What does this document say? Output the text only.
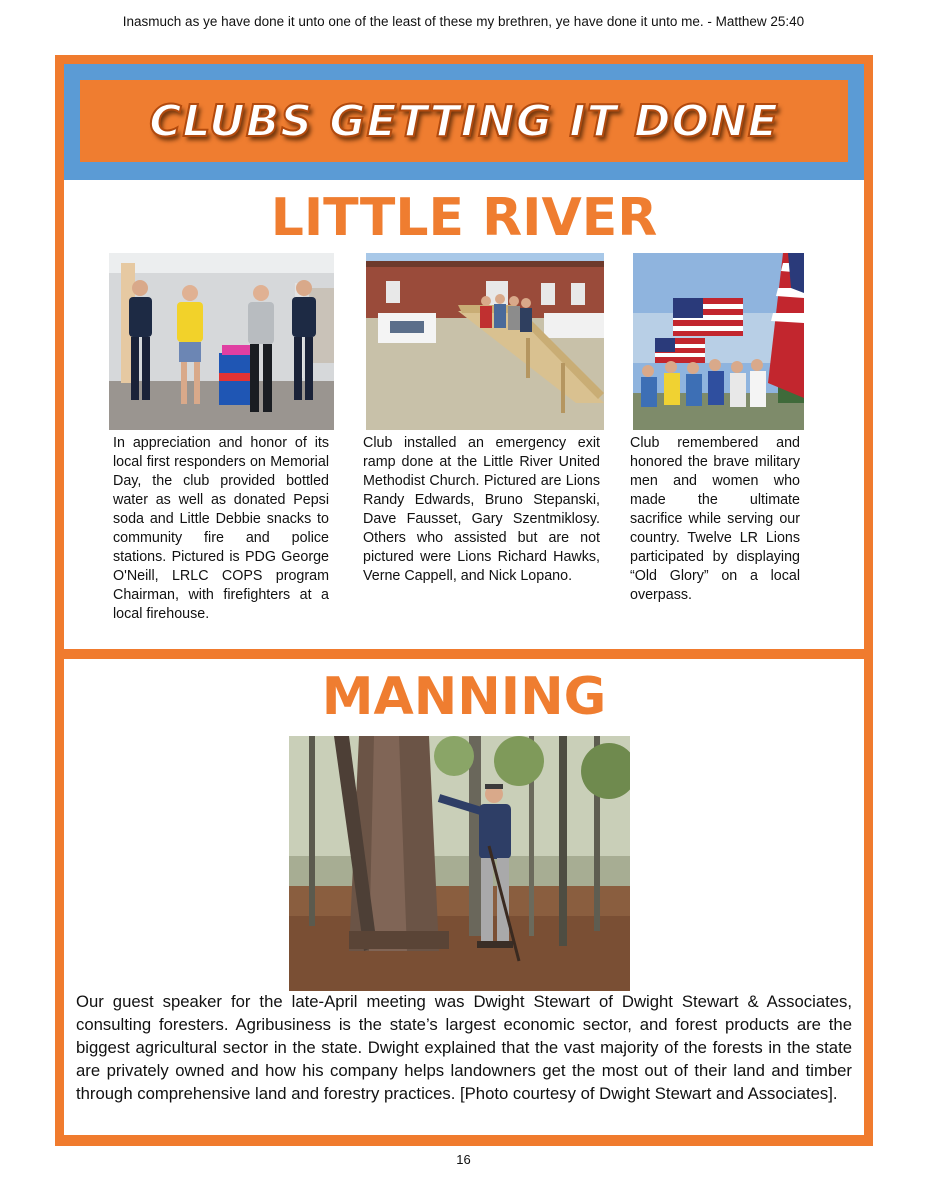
Inasmuch as ye have done it unto one of the least of these my brethren, ye have done it unto me. - Matthew 25:40
CLUBS GETTING IT DONE
LITTLE RIVER
In appreciation and honor of its local first responders on Memorial Day, the club provided bottled water as well as donated Pepsi soda and Little Debbie snacks to community fire and police stations. Pictured is PDG George O'Neill, LRLC COPS program Chairman, with firefighters at a local firehouse.
Club installed an emergency exit ramp done at the Little River United Methodist Church. Pictured are Lions Randy Edwards, Bruno Stepanski, Dave Fausset, Gary Szentmiklosy. Others who assisted but are not pictured were Lions Richard Hawks, Verne Cappell, and Nick Lopano.
Club remembered and honored the brave military men and women who made the ultimate sacrifice while serving our country. Twelve LR Lions participated by displaying “Old Glory” on a local overpass.
MANNING
Our guest speaker for the late-April meeting was Dwight Stewart of Dwight Stewart & Associates, consulting foresters. Agribusiness is the state’s largest economic sector, and forest products are the biggest agricultural sector in the state. Dwight explained that the vast majority of the forests in the state are privately owned and how his company helps landowners get the most out of their land and timber through comprehensive land and forestry practices. [Photo courtesy of Dwight Stewart and Associates].
16
